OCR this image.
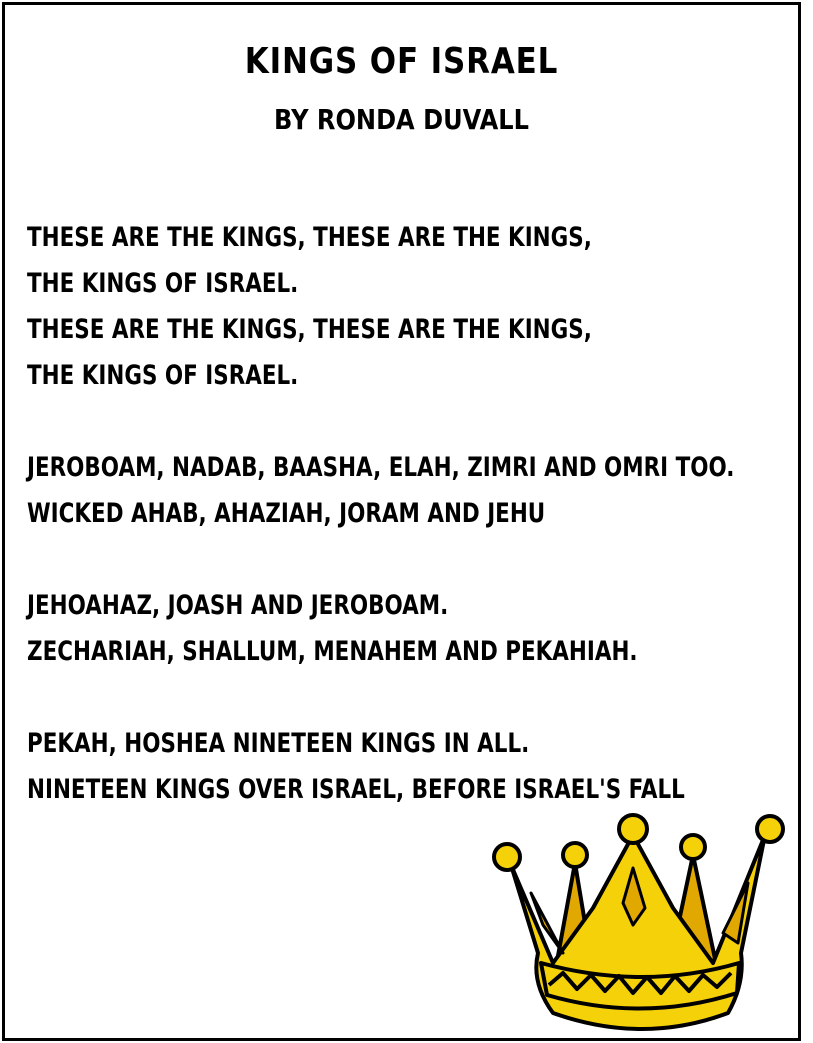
KINGS OF ISRAEL
BY RONDA DUVALL
THESE ARE THE KINGS, THESE ARE THE KINGS,
THE KINGS OF ISRAEL.
THESE ARE THE KINGS, THESE ARE THE KINGS,
THE KINGS OF ISRAEL.
JEROBOAM, NADAB, BAASHA, ELAH, ZIMRI AND OMRI TOO.
WICKED AHAB, AHAZIAH, JORAM AND JEHU
JEHOAHAZ, JOASH AND JEROBOAM.
ZECHARIAH, SHALLUM, MENAHEM AND PEKAHIAH.
PEKAH, HOSHEA NINETEEN KINGS IN ALL.
NINETEEN KINGS OVER ISRAEL, BEFORE ISRAEL'S FALL
